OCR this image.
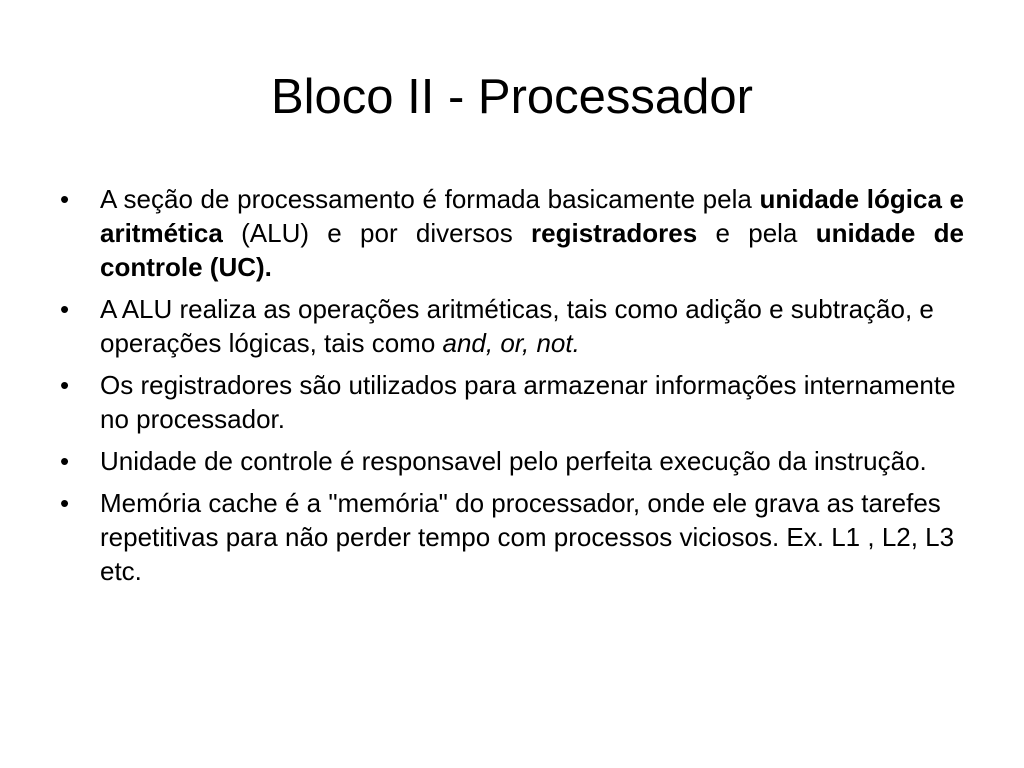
Bloco II - Processador
•	A seção de processamento é formada basicamente pela unidade lógica e aritmética (ALU) e por diversos registradores e pela unidade de controle (UC).
•	A ALU realiza as operações aritméticas, tais como adição e subtração, e operações lógicas, tais como and, or, not.
•	Os registradores são utilizados para armazenar informações internamente no processador.
•	Unidade de controle é responsavel pelo perfeita execução da instrução.
•	Memória cache é a "memória" do processador, onde ele grava as tarefes repetitivas para não perder tempo com processos viciosos. Ex. L1 , L2, L3 etc.
